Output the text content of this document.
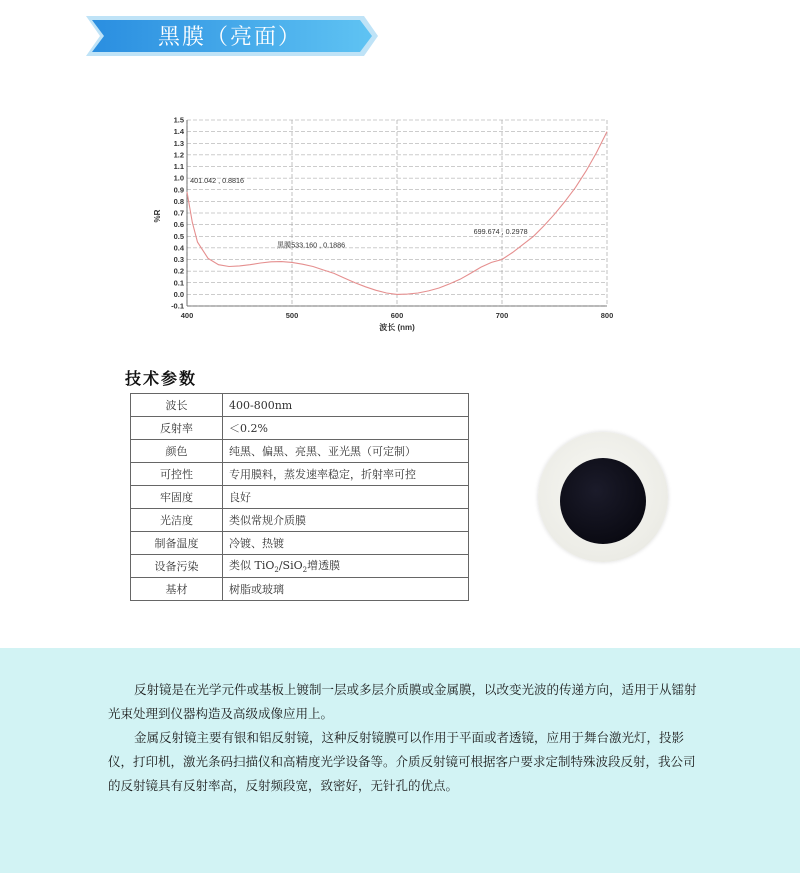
黑膜（亮面）
1.5
1.4
1.3
1.2
1.1
1.0
0.9
0.8
0.7
0.6
0.5
0.4
0.3
0.2
0.1
0.0
-0.1
400	500	600	700	800
%R
波长 (nm)
401.042 , 0.8816
黑膜533.160 , 0.1886
699.674 , 0.2978
技术参数
波长	400-800nm
反射率	＜0.2%
颜色	纯黑、偏黑、亮黑、亚光黑（可定制）
可控性	专用膜料，蒸发速率稳定，折射率可控
牢固度	良好
光洁度	类似常规介质膜
制备温度	冷镀、热镀
设备污染	类似 TiO$_2$/SiO$_2$增透膜
基材	树脂或玻璃
反射镜是在光学元件或基板上镀制一层或多层介质膜或金属膜，以改变光波的传递方向，适用于从镭射光束处理到仪器构造及高级成像应用上。
金属反射镜主要有银和铝反射镜，这种反射镜膜可以作用于平面或者透镜，应用于舞台激光灯，投影仪，打印机，激光条码扫描仪和高精度光学设备等。介质反射镜可根据客户要求定制特殊波段反射，我公司的反射镜具有反射率高，反射频段宽，致密好，无针孔的优点。
